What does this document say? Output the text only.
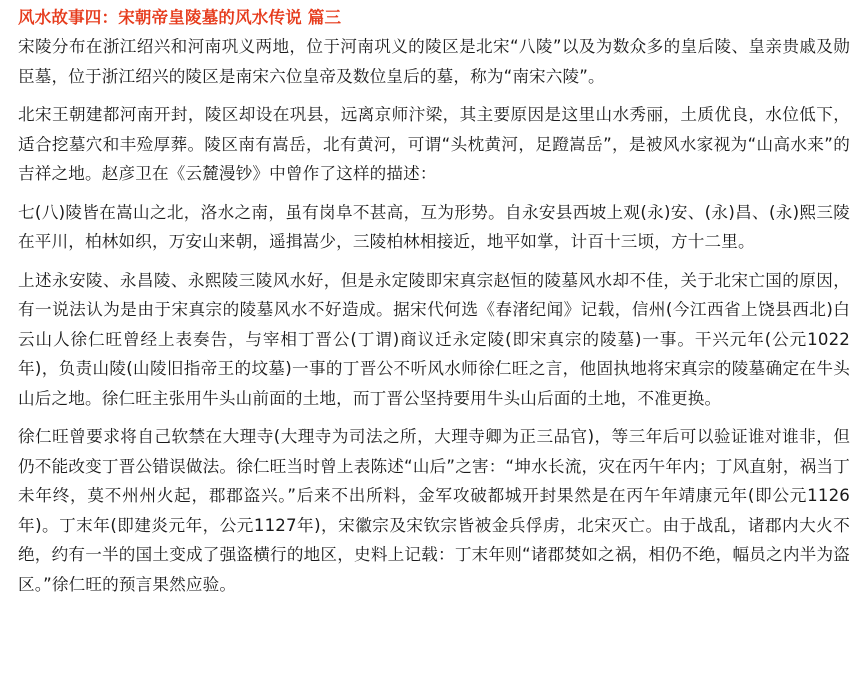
风水故事四：宋朝帝皇陵墓的风水传说 篇三

宋陵分布在浙江绍兴和河南巩义两地，位于河南巩义的陵区是北宋“八陵”以及为数众多的皇后陵、皇亲贵戚及勋臣墓，位于浙江绍兴的陵区是南宋六位皇帝及数位皇后的墓，称为“南宋六陵”。

北宋王朝建都河南开封，陵区却设在巩县，远离京师汴梁，其主要原因是这里山水秀丽，土质优良，水位低下，适合挖墓穴和丰殓厚葬。陵区南有嵩岳，北有黄河，可谓“头枕黄河，足蹬嵩岳”，是被风水家视为“山高水来”的吉祥之地。赵彦卫在《云麓漫钞》中曾作了这样的描述：

七(八)陵皆在嵩山之北，洛水之南，虽有岗阜不甚高，互为形势。自永安县西坡上观(永)安、(永)昌、(永)熙三陵在平川，柏林如织，万安山来朝，遥揖嵩少，三陵柏林相接近，地平如掌，计百十三顷，方十二里。

上述永安陵、永昌陵、永熙陵三陵风水好，但是永定陵即宋真宗赵恒的陵墓风水却不佳，关于北宋亡国的原因，有一说法认为是由于宋真宗的陵墓风水不好造成。据宋代何选《春渚纪闻》记载，信州(今江西省上饶县西北)白云山人徐仁旺曾经上表奏告，与宰相丁晋公(丁谓)商议迁永定陵(即宋真宗的陵墓)一事。干兴元年(公元1022年)，负责山陵(山陵旧指帝王的坟墓)一事的丁晋公不听风水师徐仁旺之言，他固执地将宋真宗的陵墓确定在牛头山后之地。徐仁旺主张用牛头山前面的土地，而丁晋公坚持要用牛头山后面的土地，不准更换。

徐仁旺曾要求将自己软禁在大理寺(大理寺为司法之所，大理寺卿为正三品官)，等三年后可以验证谁对谁非，但仍不能改变丁晋公错误做法。徐仁旺当时曾上表陈述“山后”之害：“坤水长流，灾在丙午年内；丁风直射，祸当丁未年终，莫不州州火起，郡郡盗兴。”后来不出所料，金军攻破都城开封果然是在丙午年靖康元年(即公元1126年)。丁末年(即建炎元年，公元1127年)，宋徽宗及宋钦宗皆被金兵俘虏，北宋灭亡。由于战乱，诸郡内大火不绝，约有一半的国土变成了强盗横行的地区，史料上记载：丁末年则“诸郡焚如之祸，相仍不绝，幅员之内半为盗区。”徐仁旺的预言果然应验。
